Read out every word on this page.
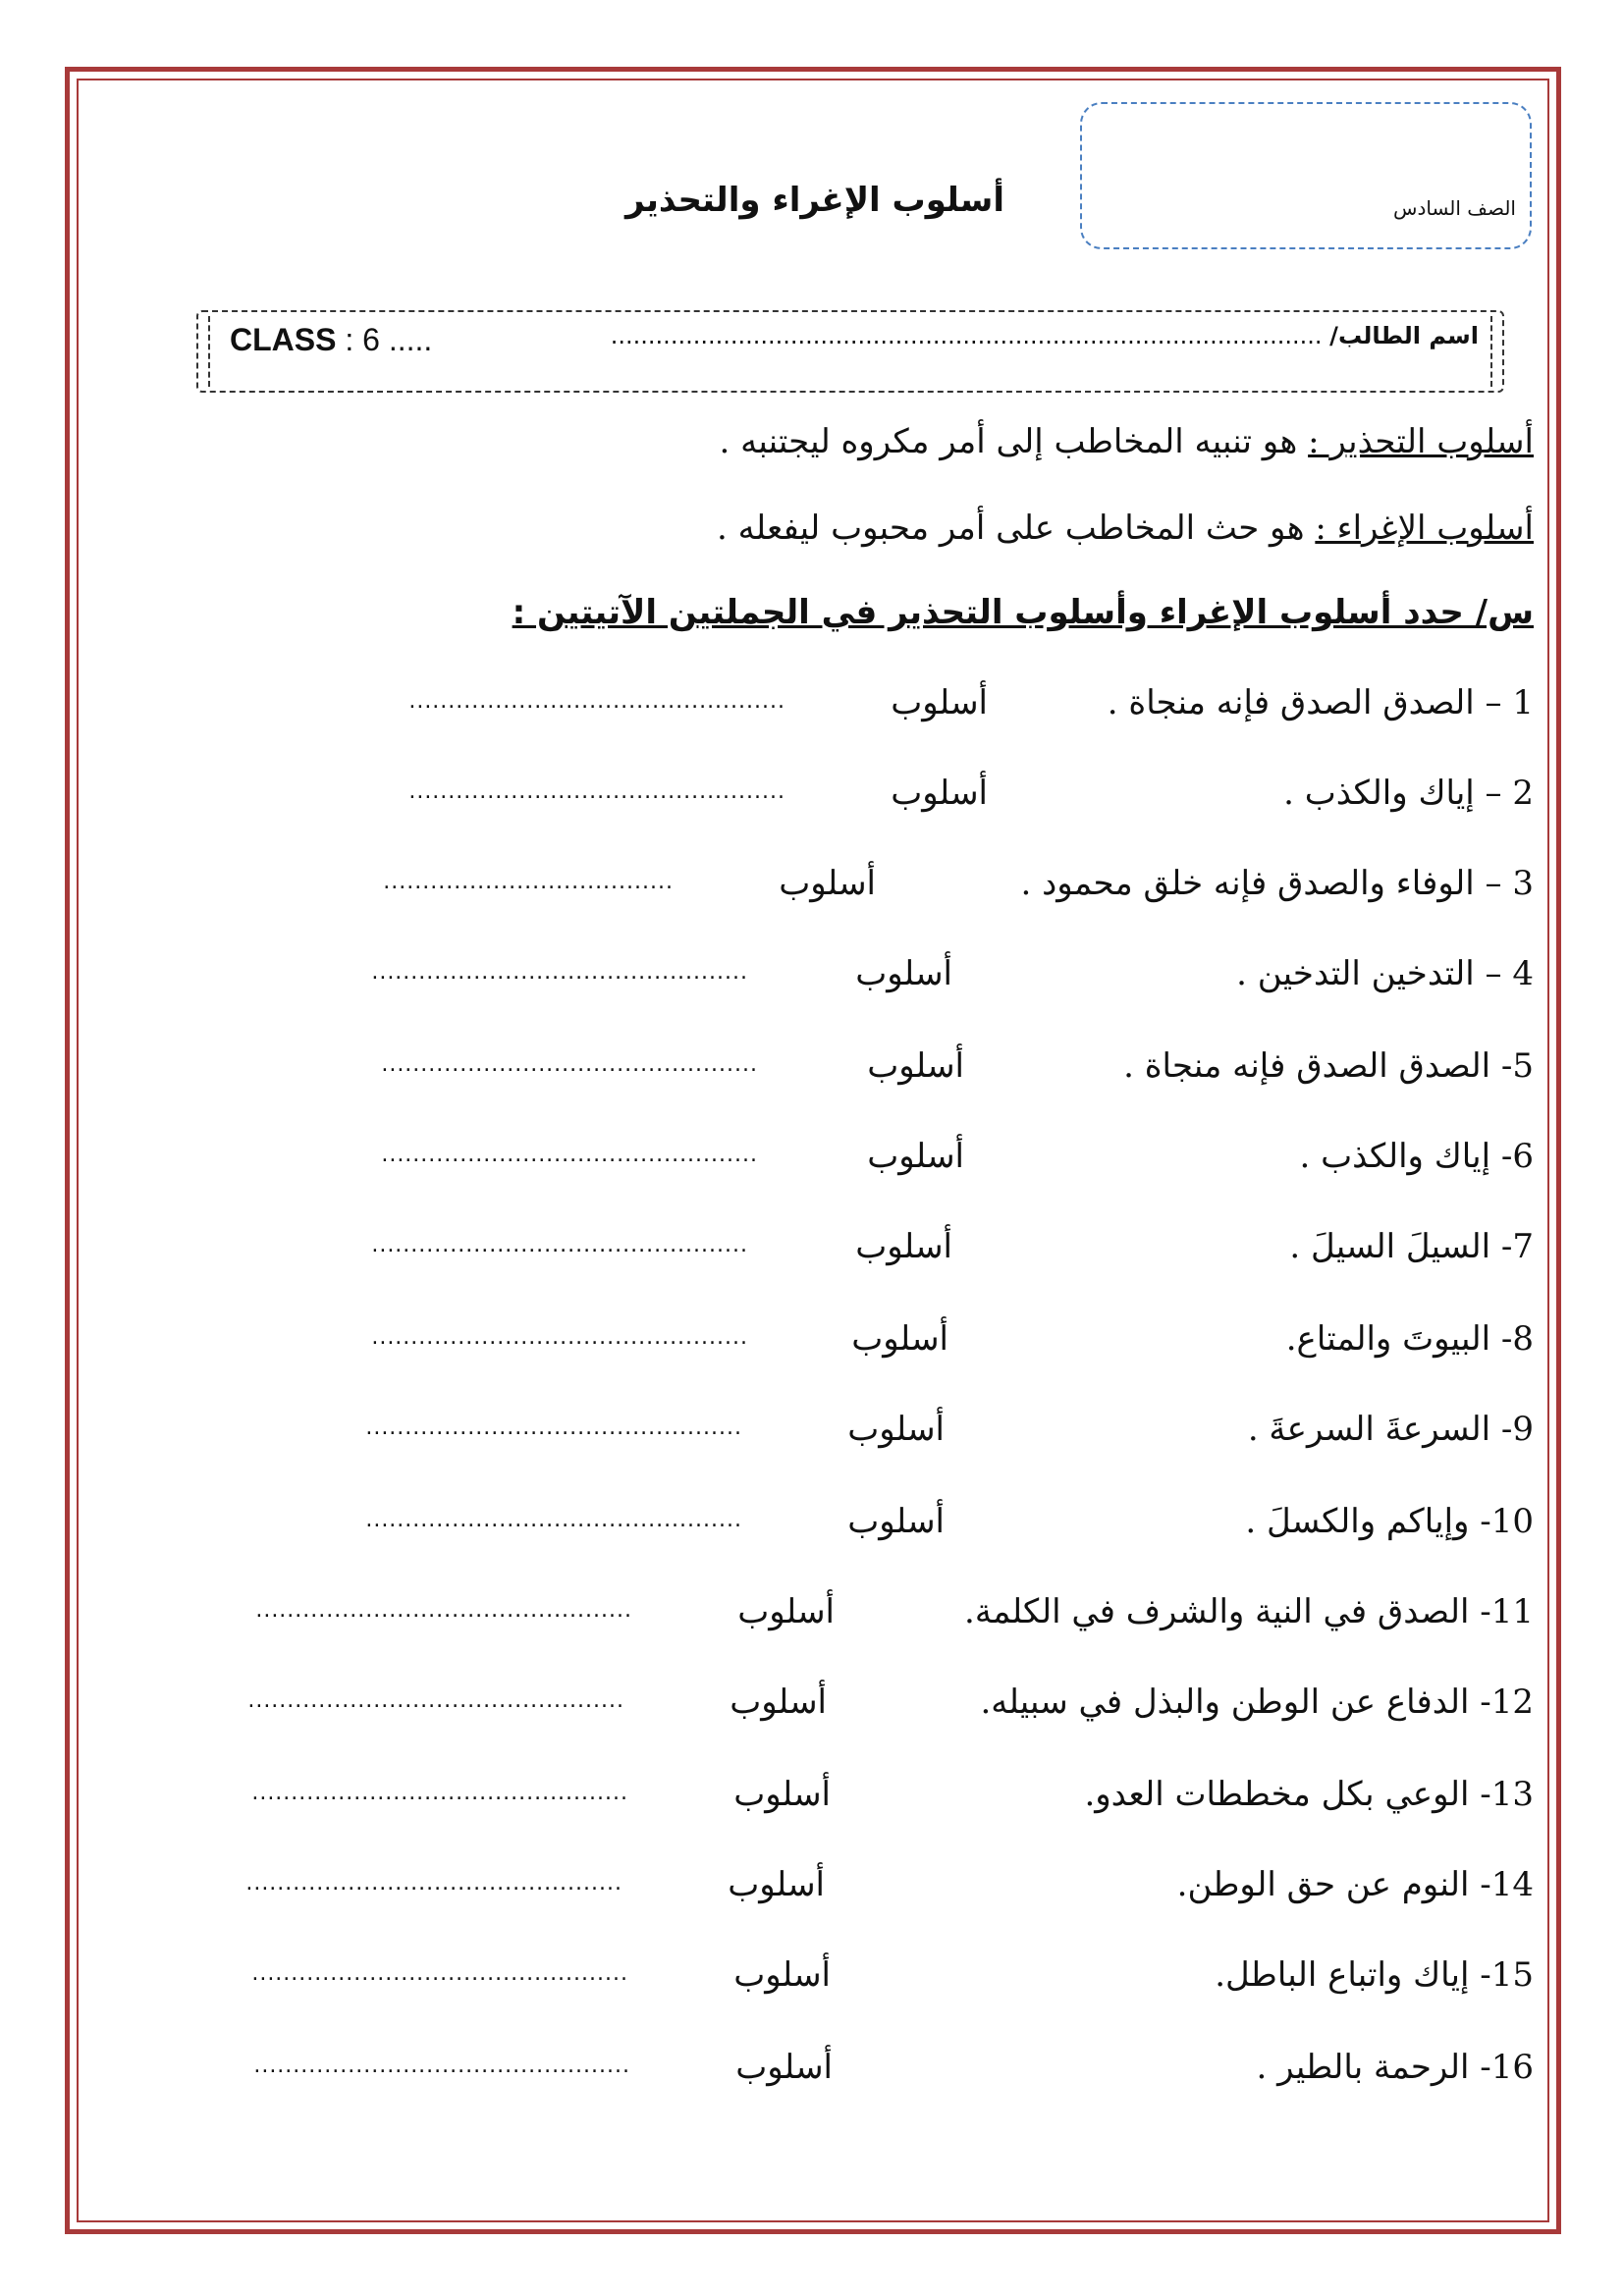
الصف السادس
أسلوب الإغراء والتحذير
CLASS : 6 .....	اسم الطالب/ ...............................................................................................
أسلوب التحذير : هو تنبيه المخاطب إلى أمر مكروه ليجتنبه .
أسلوب الإغراء : هو حث المخاطب على أمر محبوب ليفعله .
س/ حدد أسلوب الإغراء وأسلوب التحذير في الجملتين الآتيتين :
1 – الصدق الصدق فإنه منجاة .
أسلوب
................................................
2 – إياك والكذب .
أسلوب
................................................
3 – الوفاء والصدق فإنه خلق محمود .
أسلوب
.....................................
4 – التدخين التدخين .
أسلوب
................................................
5- الصدق الصدق فإنه منجاة .
أسلوب
................................................
6- إياك والكذب .
أسلوب
................................................
7- السيلَ السيلَ .
أسلوب
................................................
8- البيوتَ والمتاع.
أسلوب
................................................
9- السرعةَ السرعةَ .
أسلوب
................................................
10- وإياكم والكسلَ .
أسلوب
................................................
11- الصدق في النية والشرف في الكلمة.
أسلوب
................................................
12- الدفاع عن الوطن والبذل في سبيله.
أسلوب
................................................
13- الوعي بكل مخططات العدو.
أسلوب
................................................
14- النوم عن حق الوطن.
أسلوب
................................................
15- إياك واتباع الباطل.
أسلوب
................................................
16- الرحمة بالطير .
أسلوب
................................................
